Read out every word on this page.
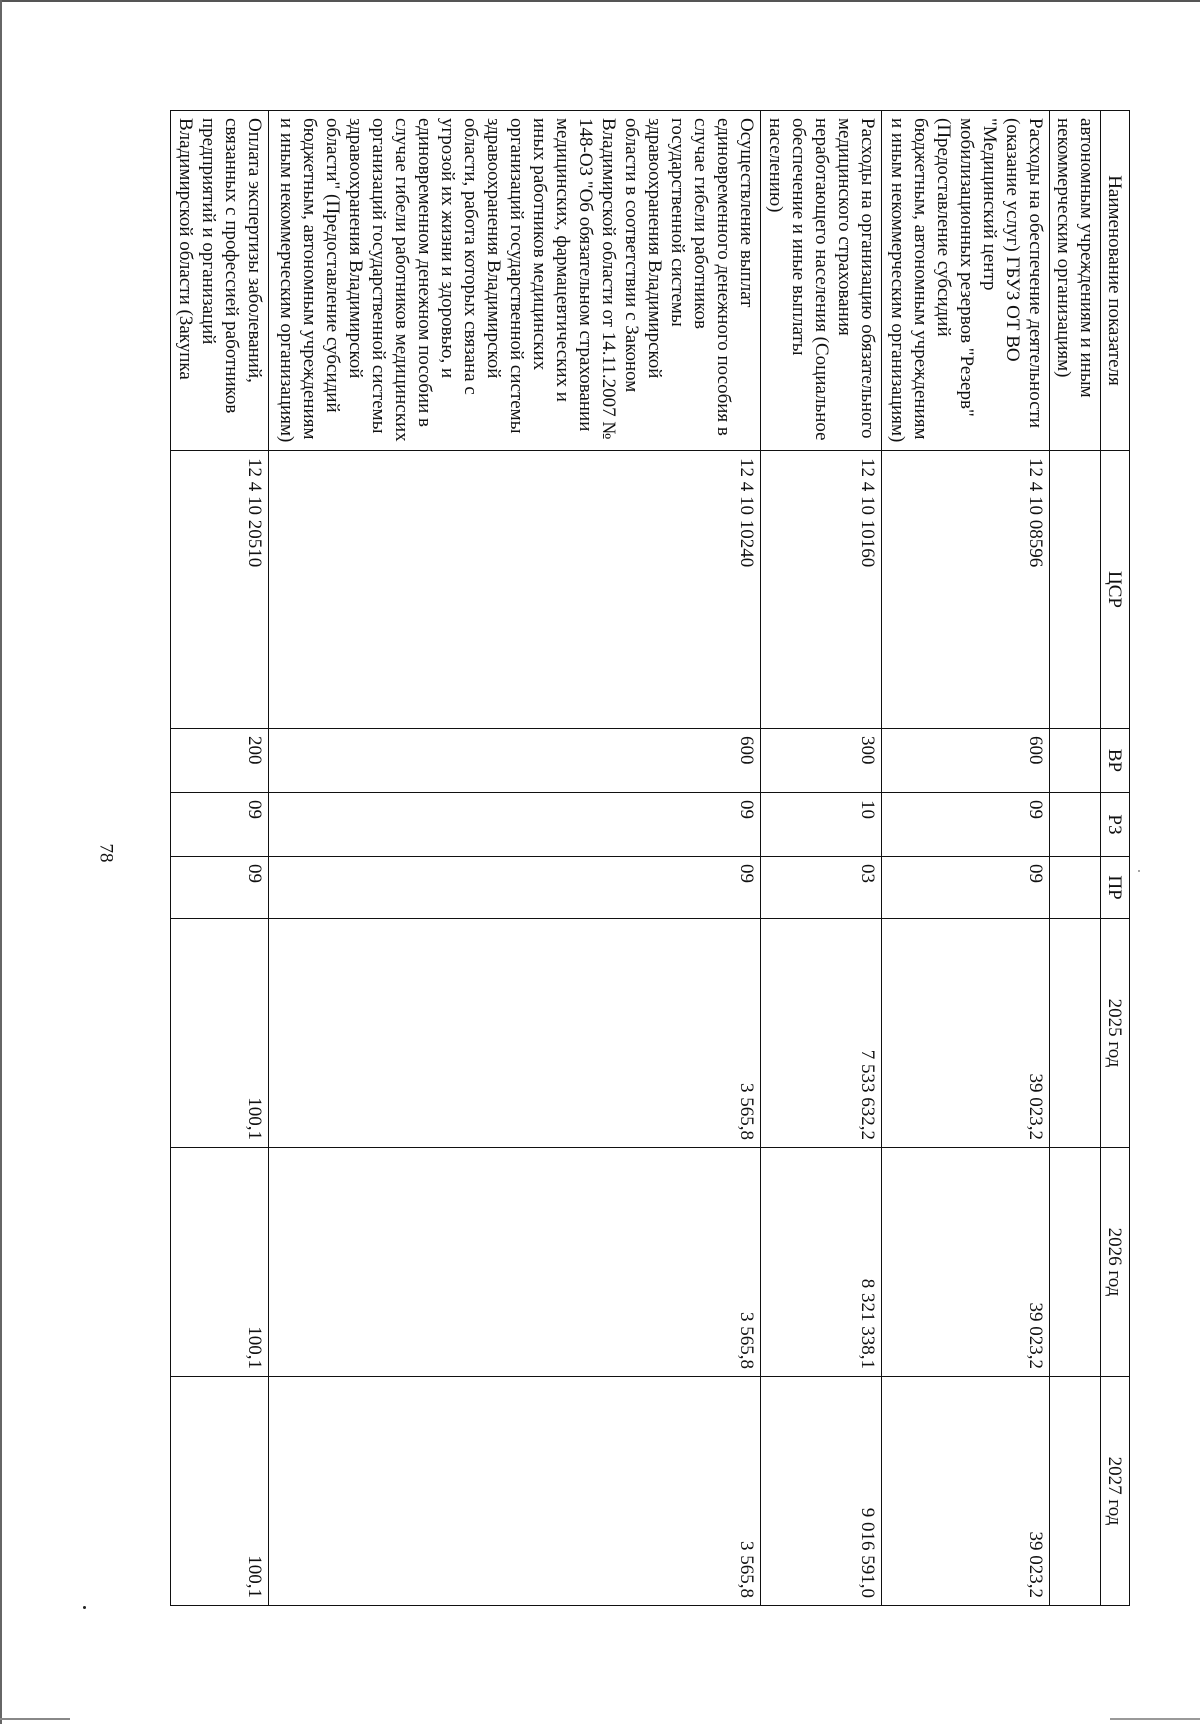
78
Наименование показателя	ЦСР	ВР	РЗ	ПР	2025 год	2026 год	2027 год
автономным учреждениям и иным некоммерческим организациям)							
Расходы на обеспечение деятельности (оказание услуг) ГБУЗ ОТ ВО "Медицинский центр мобилизационных резервов "Резерв" (Предоставление субсидий бюджетным, автономным учреждениям и иным некоммерческим организациям)	12 4 10 08596	600	09	09	39 023,2	39 023,2	39 023,2
Расходы на организацию обязательного медицинского страхования неработающего населения (Социальное обеспечение и иные выплаты населению)	12 4 10 10160	300	10	03	7 533 632,2	8 321 338,1	9 016 591,0
Осуществление выплат единовременного денежного пособия в случае гибели работников государственной системы здравоохранения Владимирской области в соответствии с Законом Владимирской области от 14.11.2007 № 148-ОЗ "Об обязательном страховании медицинских, фармацевтических и иных работников медицинских организаций государственной системы здравоохранения Владимирской области, работа которых связана с угрозой их жизни и здоровью, и единовременном денежном пособии в случае гибели работников медицинских организаций государственной системы здравоохранения Владимирской области" (Предоставление субсидий бюджетным, автономным учреждениям и иным некоммерческим организациям)	12 4 10 10240	600	09	09	3 565,8	3 565,8	3 565,8
Оплата экспертизы заболеваний, связанных с профессией работников предприятий и организаций Владимирской области (Закупка	12 4 10 20510	200	09	09	100,1	100,1	100,1
